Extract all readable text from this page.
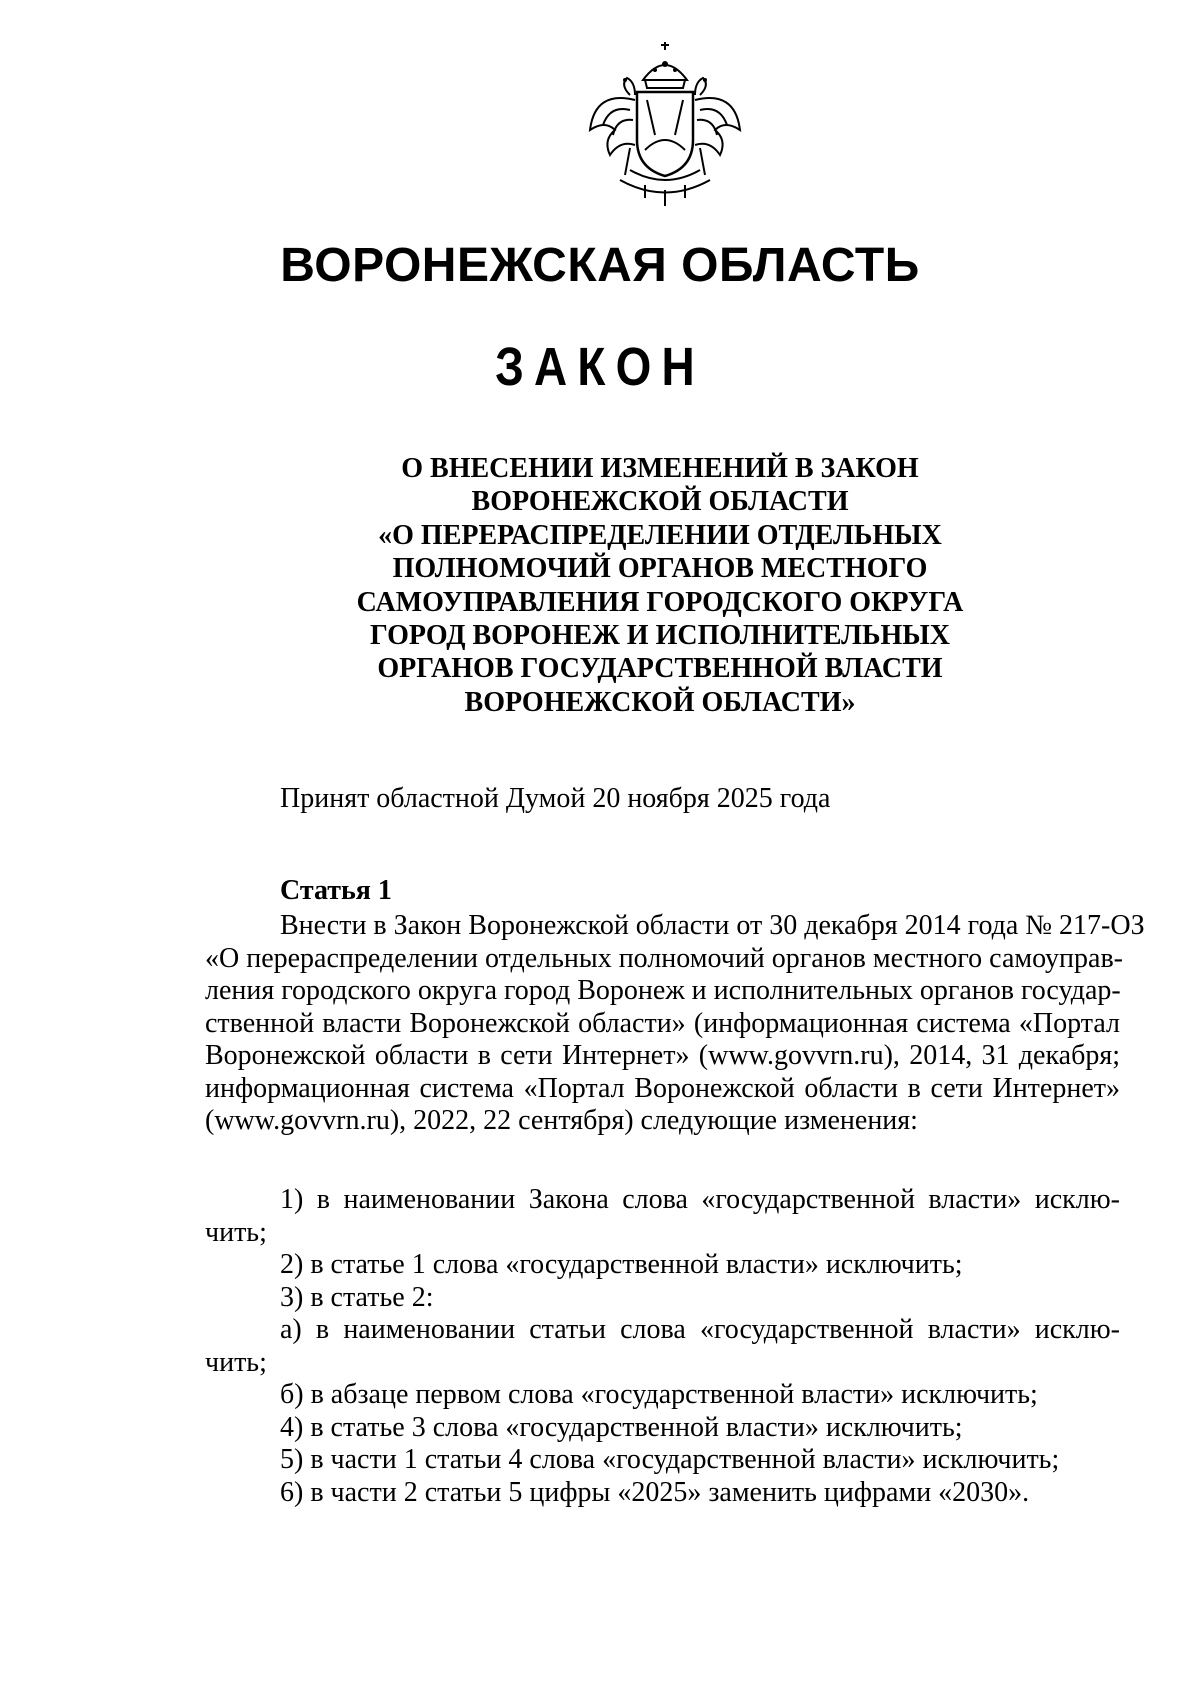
ВОРОНЕЖСКАЯ ОБЛАСТЬ
ЗАКОН
О ВНЕСЕНИИ ИЗМЕНЕНИЙ В ЗАКОН
ВОРОНЕЖСКОЙ ОБЛАСТИ
«О ПЕРЕРАСПРЕДЕЛЕНИИ ОТДЕЛЬНЫХ
ПОЛНОМОЧИЙ ОРГАНОВ МЕСТНОГО
САМОУПРАВЛЕНИЯ ГОРОДСКОГО ОКРУГА
ГОРОД ВОРОНЕЖ И ИСПОЛНИТЕЛЬНЫХ
ОРГАНОВ ГОСУДАРСТВЕННОЙ ВЛАСТИ
ВОРОНЕЖСКОЙ ОБЛАСТИ»
Принят областной Думой 20 ноября 2025 года
Статья 1
Внести в Закон Воронежской области от 30 декабря 2014 года № 217-ОЗ
«О перераспределении отдельных полномочий органов местного самоуправ-
ления городского округа город Воронеж и исполнительных органов государ-
ственной власти Воронежской области» (информационная система «Портал
Воронежской области в сети Интернет» (www.govvrn.ru), 2014, 31 декабря;
информационная система «Портал Воронежской области в сети Интернет»
(www.govvrn.ru), 2022, 22 сентября) следующие изменения:
1) в наименовании Закона слова «государственной власти» исклю-
чить;
2) в статье 1 слова «государственной власти» исключить;
3) в статье 2:
а) в наименовании статьи слова «государственной власти» исклю-
чить;
б) в абзаце первом слова «государственной власти» исключить;
4) в статье 3 слова «государственной власти» исключить;
5) в части 1 статьи 4 слова «государственной власти» исключить;
6) в части 2 статьи 5 цифры «2025» заменить цифрами «2030».
